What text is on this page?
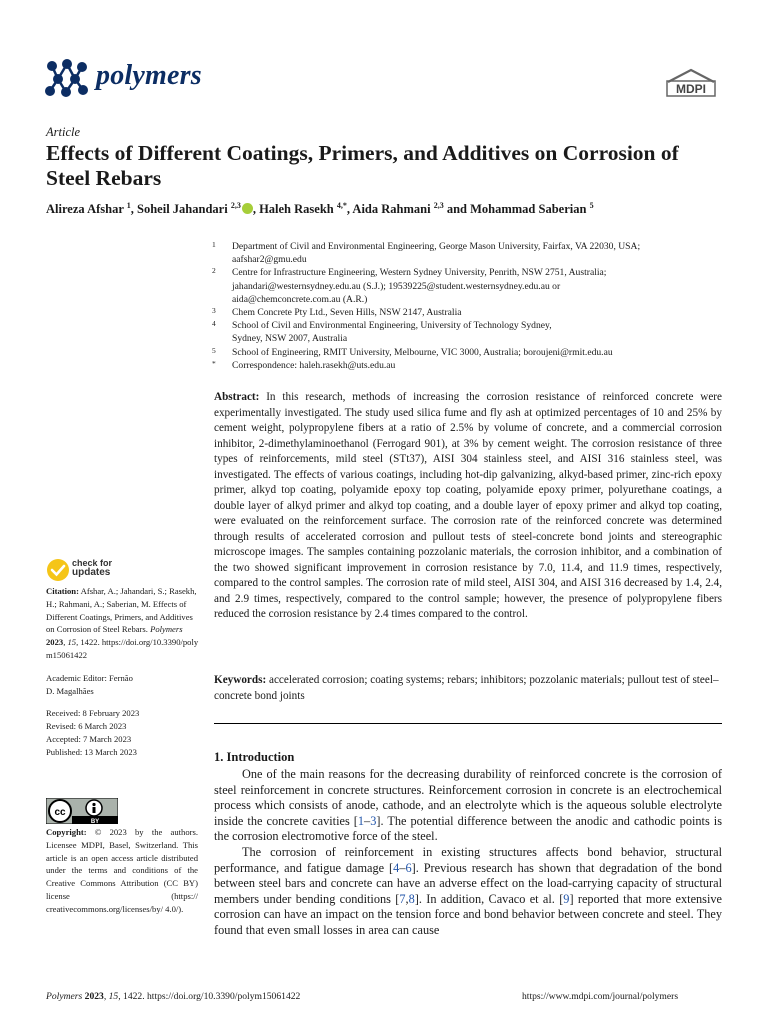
polymers	MDPI
Article
Effects of Different Coatings, Primers, and Additives on Corrosion of Steel Rebars
Alireza Afshar $^1$, Soheil Jahandari $^{2,3}$ , Haleh Rasekh $^{4,*}$, Aida Rahmani $^{2,3}$ and Mohammad Saberian $^5$
1 Department of Civil and Environmental Engineering, George Mason University, Fairfax, VA 22030, USA;
aafshar2@gmu.edu
2 Centre for Infrastructure Engineering, Western Sydney University, Penrith, NSW 2751, Australia;
jahandari@westernsydney.edu.au (S.J.); 19539225@student.westernsydney.edu.au or
aida@chemconcrete.com.au (A.R.)
3 Chem Concrete Pty Ltd., Seven Hills, NSW 2147, Australia
4 School of Civil and Environmental Engineering, University of Technology Sydney,
Sydney, NSW 2007, Australia
5 School of Engineering, RMIT University, Melbourne, VIC 3000, Australia; boroujeni@rmit.edu.au
* Correspondence: haleh.rasekh@uts.edu.au
Abstract: In this research, methods of increasing the corrosion resistance of reinforced concrete were experimentally investigated. The study used silica fume and fly ash at optimized percentages of 10 and 25% by cement weight, polypropylene fibers at a ratio of 2.5% by volume of concrete, and a commercial corrosion inhibitor, 2-dimethylaminoethanol (Ferrogard 901), at 3% by cement weight. The corrosion resistance of three types of reinforcements, mild steel (STt37), AISI 304 stainless steel, and AISI 316 stainless steel, was investigated. The effects of various coatings, including hot-dip galvanizing, alkyd-based primer, zinc-rich epoxy primer, alkyd top coating, polyamide epoxy top coating, polyamide epoxy primer, polyurethane coatings, a double layer of alkyd primer and alkyd top coating, and a double layer of epoxy primer and alkyd top coating, were evaluated on the reinforcement surface. The corrosion rate of the reinforced concrete was determined through results of accelerated corrosion and pullout tests of steel-concrete bond joints and stereographic microscope images. The samples containing pozzolanic materials, the corrosion inhibitor, and a combination of the two showed significant improvement in corrosion resistance by 7.0, 11.4, and 11.9 times, respectively, compared to the control samples. The corrosion rate of mild steel, AISI 304, and AISI 316 decreased by 1.4, 2.4, and 2.9 times, respectively, compared to the control sample; however, the presence of polypropylene fibers reduced the corrosion resistance by 2.4 times compared to the control.
Keywords: accelerated corrosion; coating systems; rebars; inhibitors; pozzolanic materials; pullout test of steel–concrete bond joints
1. Introduction

One of the main reasons for the decreasing durability of reinforced concrete is the corrosion of steel reinforcement in concrete structures. Reinforcement corrosion in concrete is an electrochemical process which consists of anode, cathode, and an electrolyte which is the aqueous soluble electrolyte inside the concrete cavities [1–3]. The potential difference between the anodic and cathodic points is the corrosion electromotive force of the steel.

The corrosion of reinforcement in existing structures affects bond behavior, structural performance, and fatigue damage [4–6]. Previous research has shown that degradation of the bond between steel bars and concrete can have an adverse effect on the load-carrying capacity of structural members under bending conditions [7,8]. In addition, Cavaco et al. [9] reported that more extensive corrosion can have an impact on the tension force and bond behavior between concrete and steel. They found that even small losses in area can cause

check for
updates

Citation: Afshar, A.; Jahandari, S.; Rasekh, H.; Rahmani, A.; Saberian, M. Effects of Different Coatings, Primers, and Additives on Corrosion of Steel Rebars. Polymers 2023, 15, 1422. https://doi.org/10.3390/polym15061422

Academic Editor: Fernão
D. Magalhães

Received: 8 February 2023

Revised: 6 March 2023

Accepted: 7 March 2023

Published: 13 March 2023

cc
BY
Copyright: © 2023 by the authors. Licensee MDPI, Basel, Switzerland. This article is an open access article distributed under the terms and conditions of the Creative Commons Attribution (CC BY) license (https:// creativecommons.org/licenses/by/ 4.0/).
Polymers 2023, 15, 1422. https://doi.org/10.3390/polym15061422	https://www.mdpi.com/journal/polymers
